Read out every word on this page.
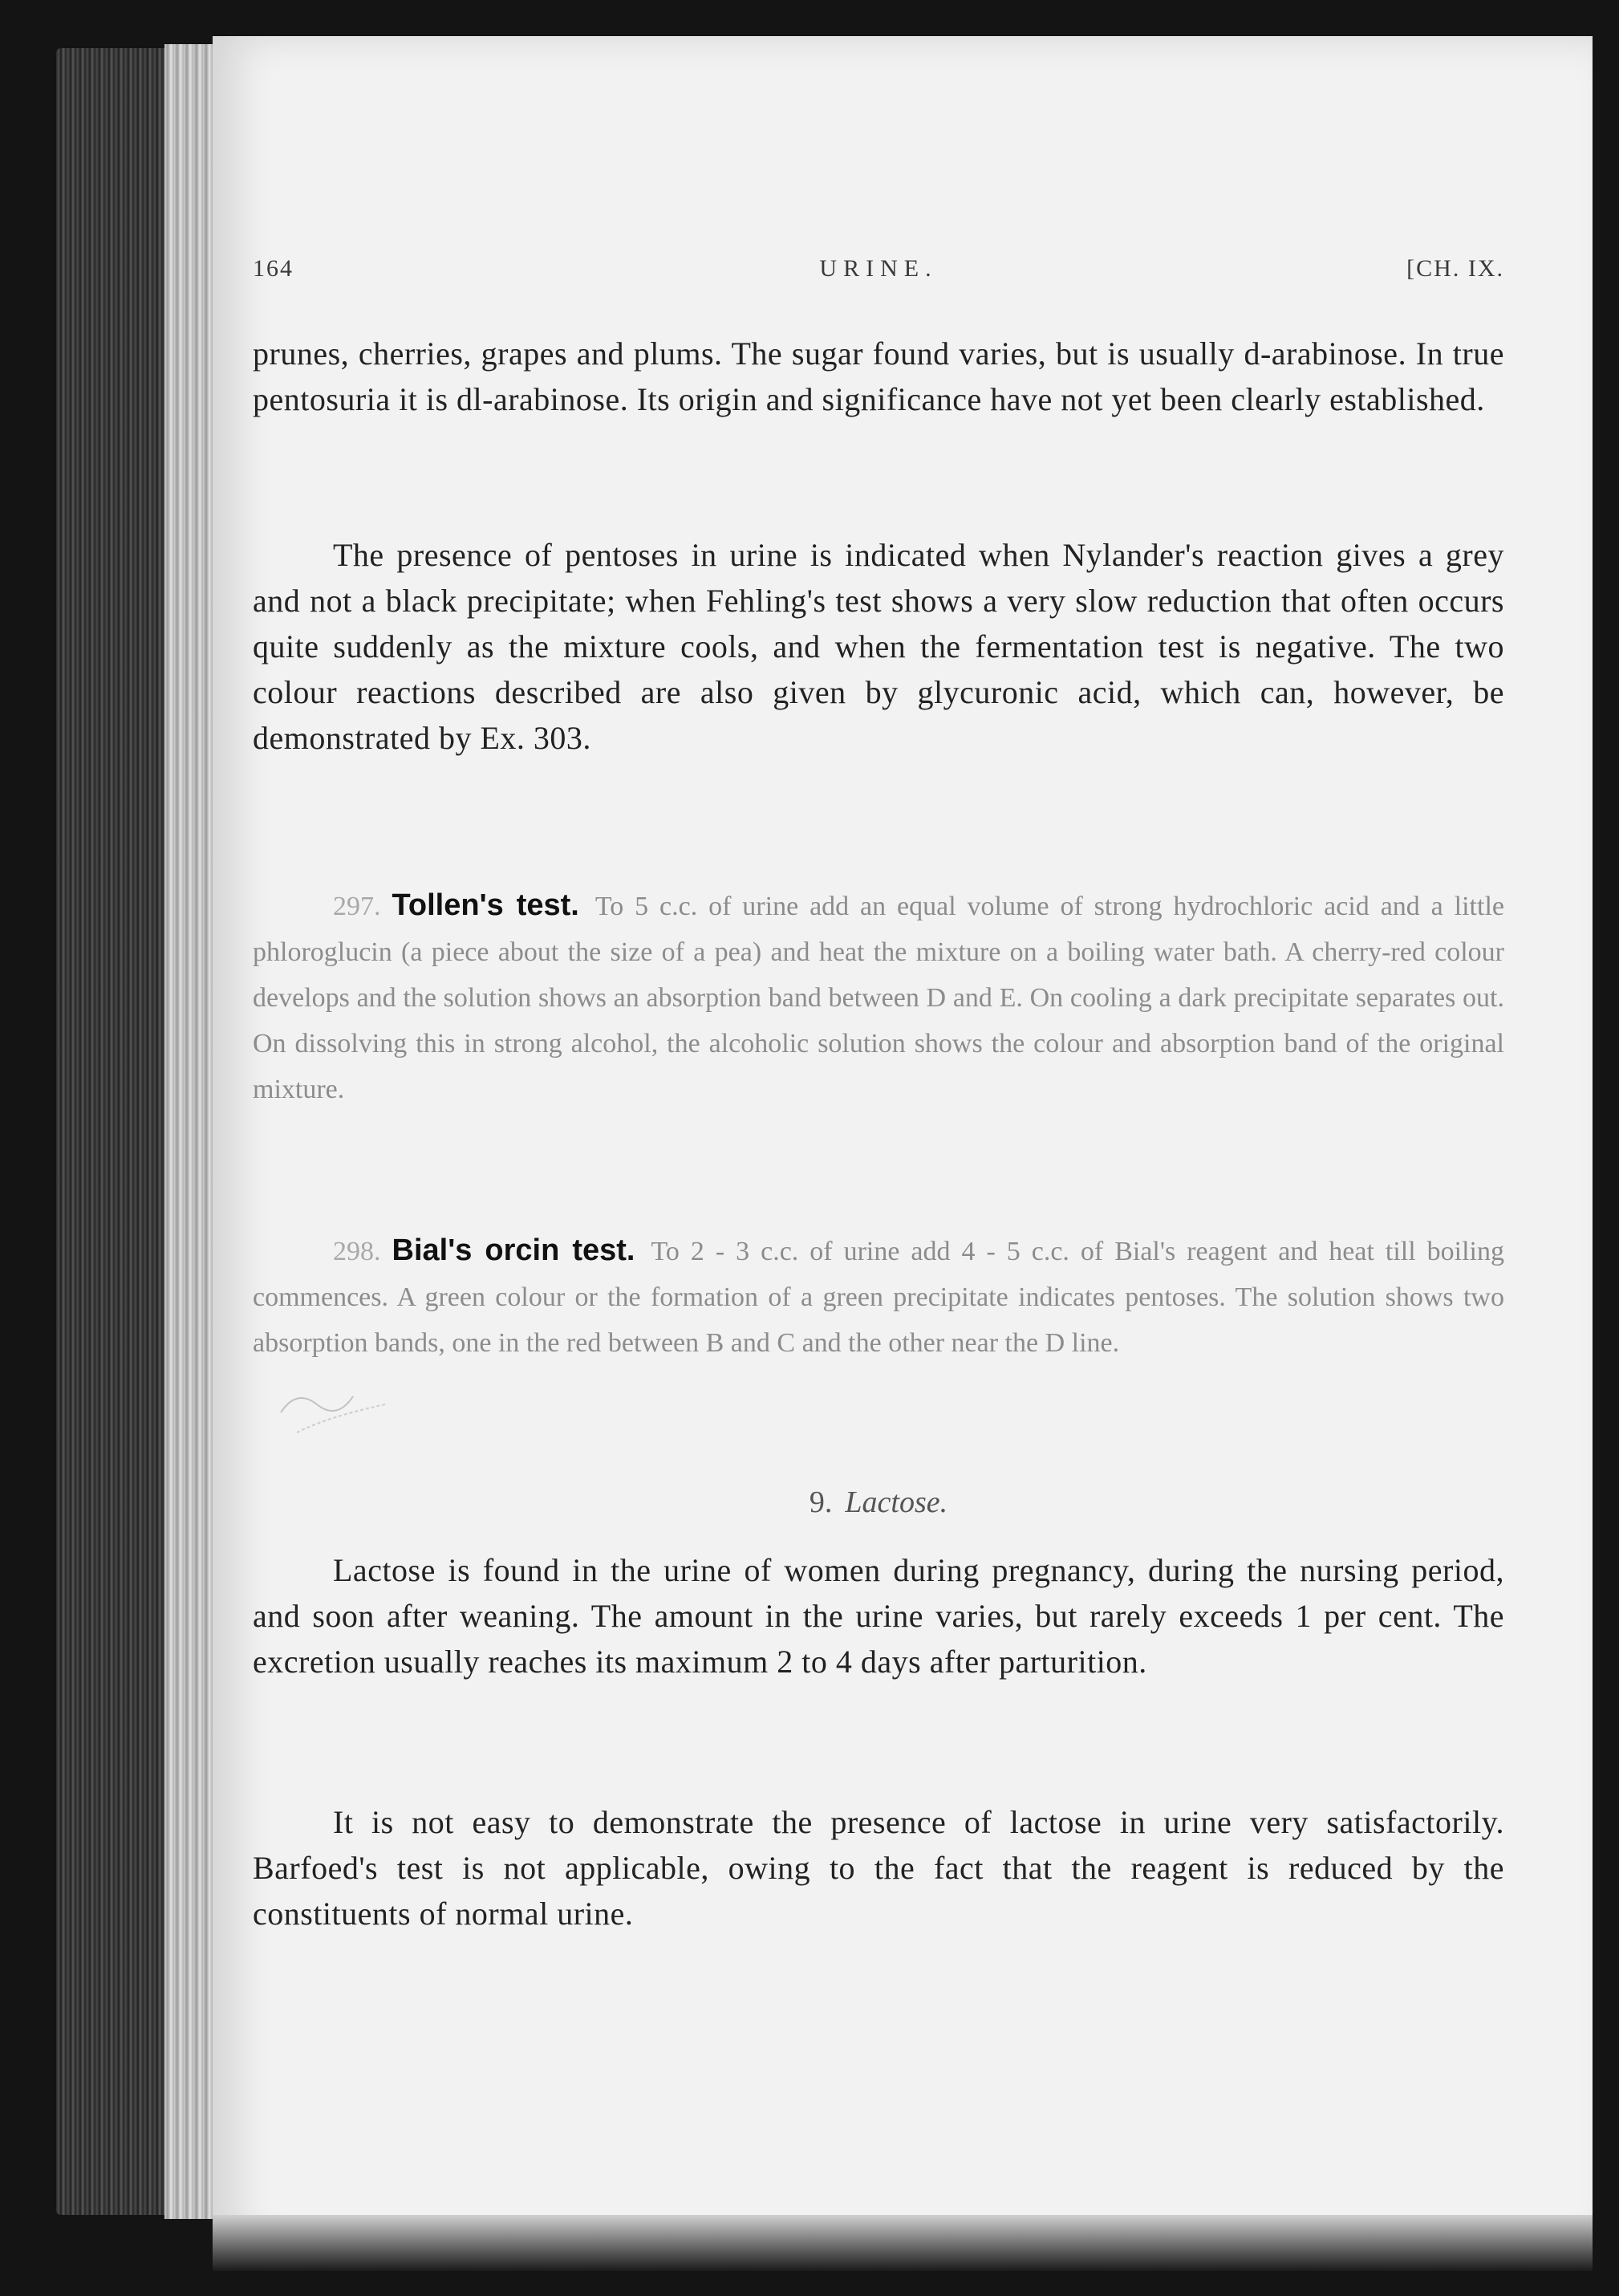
164	URINE.	[CH. IX.

prunes, cherries, grapes and plums. The sugar found varies, but is usually d-arabinose. In true pentosuria it is dl-arabinose. Its origin and significance have not yet been clearly established.

The presence of pentoses in urine is indicated when Nylander's reaction gives a grey and not a black precipitate; when Fehling's test shows a very slow reduction that often occurs quite suddenly as the mixture cools, and when the fermentation test is negative. The two colour reactions described are also given by glycuronic acid, which can, however, be demonstrated by Ex. 303.

297. Tollen's test. To 5 c.c. of urine add an equal volume of strong hydrochloric acid and a little phloroglucin (a piece about the size of a pea) and heat the mixture on a boiling water bath. A cherry-red colour develops and the solution shows an absorption band between D and E. On cooling a dark precipitate separates out. On dissolving this in strong alcohol, the alcoholic solution shows the colour and absorption band of the original mixture.

298. Bial's orcin test. To 2 - 3 c.c. of urine add 4 - 5 c.c. of Bial's reagent and heat till boiling commences. A green colour or the formation of a green precipitate indicates pentoses. The solution shows two absorption bands, one in the red between B and C and the other near the D line.

9. Lactose.

Lactose is found in the urine of women during pregnancy, during the nursing period, and soon after weaning. The amount in the urine varies, but rarely exceeds 1 per cent. The excretion usually reaches its maximum 2 to 4 days after parturition.

It is not easy to demonstrate the presence of lactose in urine very satisfactorily. Barfoed's test is not applicable, owing to the fact that the reagent is reduced by the constituents of normal urine.
